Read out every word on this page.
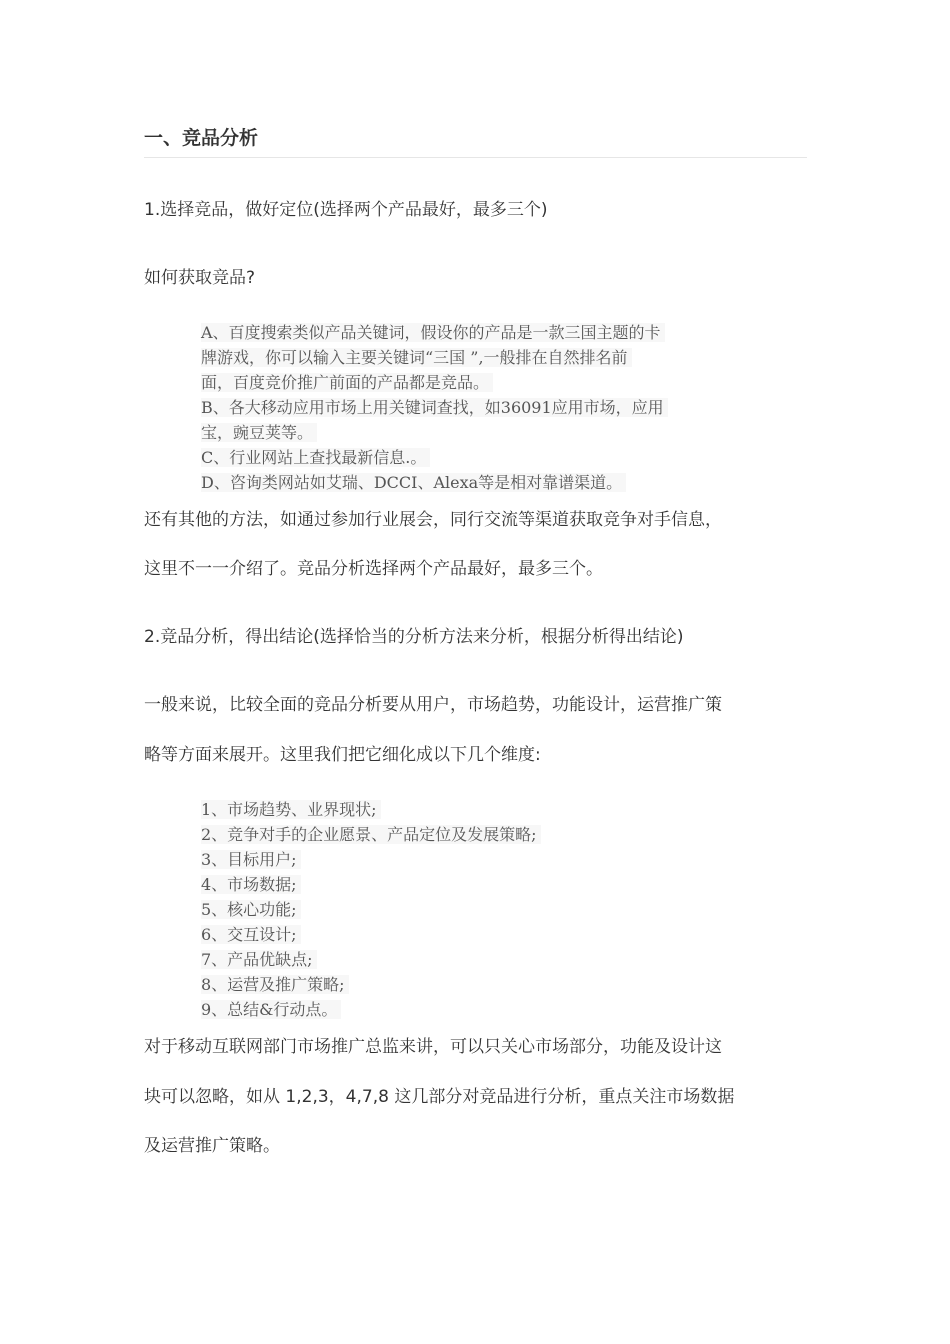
一、竞品分析
1.选择竞品，做好定位(选择两个产品最好，最多三个)
如何获取竞品?
A、百度搜索类似产品关键词，假设你的产品是一款三国主题的卡
牌游戏，你可以输入主要关键词“三国 ”,一般排在自然排名前
面，百度竞价推广前面的产品都是竞品。
B、各大移动应用市场上用关键词查找，如36091应用市场，应用
宝，豌豆荚等。
C、行业网站上查找最新信息.。
D、咨询类网站如艾瑞、DCCI、Alexa等是相对靠谱渠道。
还有其他的方法，如通过参加行业展会，同行交流等渠道获取竞争对手信息，
这里不一一介绍了。竞品分析选择两个产品最好，最多三个。
2.竞品分析，得出结论(选择恰当的分析方法来分析，根据分析得出结论)
一般来说，比较全面的竞品分析要从用户，市场趋势，功能设计，运营推广策
略等方面来展开。这里我们把它细化成以下几个维度:
1、市场趋势、业界现状;
2、竞争对手的企业愿景、产品定位及发展策略;
3、目标用户;
4、市场数据;
5、核心功能;
6、交互设计;
7、产品优缺点;
8、运营及推广策略;
9、总结&行动点。
对于移动互联网部门市场推广总监来讲，可以只关心市场部分，功能及设计这
块可以忽略，如从 1,2,3，4,7,8 这几部分对竞品进行分析，重点关注市场数据
及运营推广策略。
